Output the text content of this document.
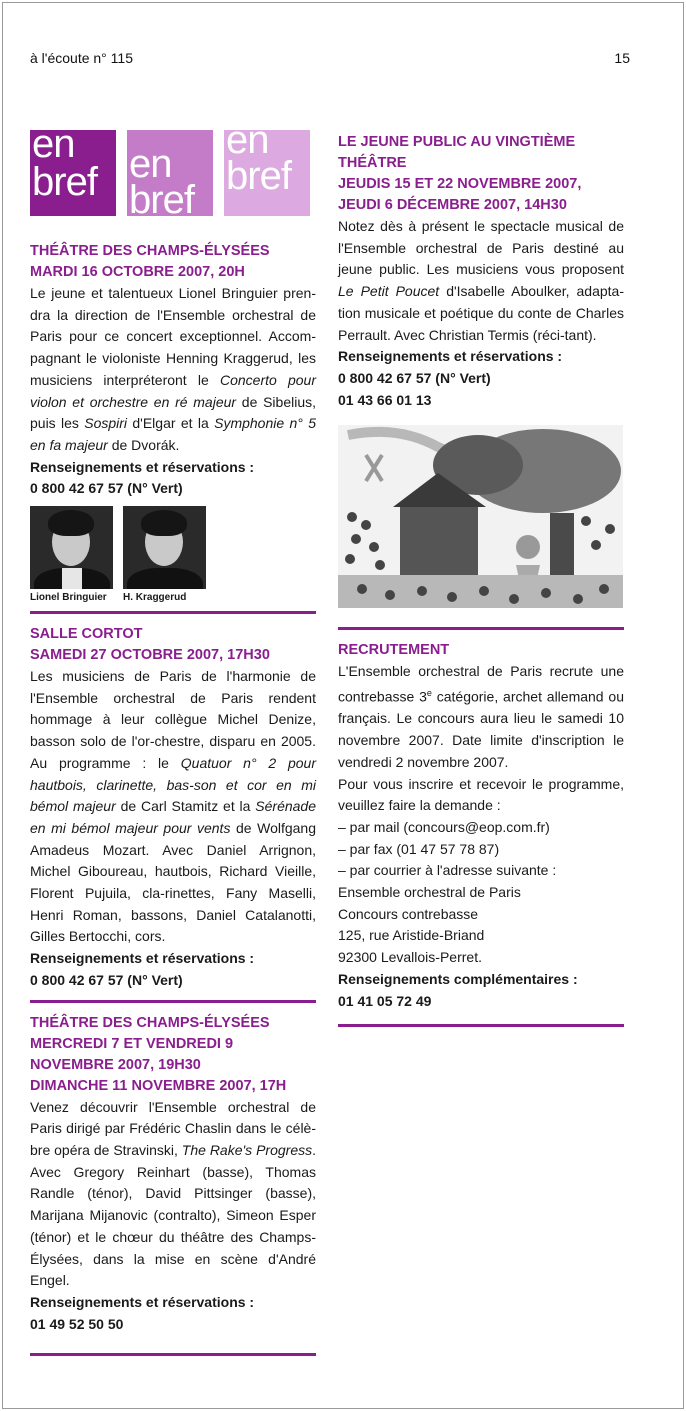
à l'écoute n° 115	15
en
bref en
bref
en
bref
THÉÂTRE DES CHAMPS-ÉLYSÉES
MARDI 16 OCTOBRE 2007, 20H
Le jeune et talentueux Lionel Bringuier pren-dra la direction de l'Ensemble orchestral de Paris pour ce concert exceptionnel. Accom-pagnant le violoniste Henning Kraggerud, les musiciens interpréteront le Concerto pour violon et orchestre en ré majeur de Sibelius, puis les Sospiri d'Elgar et la Symphonie n° 5 en fa majeur de Dvorák.
Renseignements et réservations :
0 800 42 67 57 (N° Vert)
Lionel Bringuier	H. Kraggerud
SALLE CORTOT
SAMEDI 27 OCTOBRE 2007, 17H30
Les musiciens de Paris de l'harmonie de l'Ensemble orchestral de Paris rendent hommage à leur collègue Michel Denize, basson solo de l'or-chestre, disparu en 2005. Au programme : le Quatuor n° 2 pour hautbois, clarinette, bas-son et cor en mi bémol majeur de Carl Stamitz et la Sérénade en mi bémol majeur pour vents de Wolfgang Amadeus Mozart. Avec Daniel Arrignon, Michel Giboureau, hautbois, Richard Vieille, Florent Pujuila, cla-rinettes, Fany Maselli, Henri Roman, bassons, Daniel Catalanotti, Gilles Bertocchi, cors.
Renseignements et réservations :
0 800 42 67 57 (N° Vert)
THÉÂTRE DES CHAMPS-ÉLYSÉES
MERCREDI 7 ET VENDREDI 9 NOVEMBRE 2007, 19H30
DIMANCHE 11 NOVEMBRE 2007, 17H
Venez découvrir l'Ensemble orchestral de Paris dirigé par Frédéric Chaslin dans le célè-bre opéra de Stravinski, The Rake's Progress. Avec Gregory Reinhart (basse), Thomas Randle (ténor), David Pittsinger (basse), Marijana Mijanovic (contralto), Simeon Esper (ténor) et le chœur du théâtre des Champs-Élysées, dans la mise en scène d'André Engel.
Renseignements et réservations :
01 49 52 50 50
LE JEUNE PUBLIC AU VINGTIÈME THÉÂTRE
JEUDIS 15 ET 22 NOVEMBRE 2007, JEUDI 6 DÉCEMBRE 2007, 14H30
Notez dès à présent le spectacle musical de l'Ensemble orchestral de Paris destiné au jeune public. Les musiciens vous proposent Le Petit Poucet d'Isabelle Aboulker, adapta-tion musicale et poétique du conte de Charles Perrault. Avec Christian Termis (réci-tant).
Renseignements et réservations :
0 800 42 67 57 (N° Vert)
01 43 66 01 13
RECRUTEMENT
L'Ensemble orchestral de Paris recrute une contrebasse 3e catégorie, archet allemand ou français. Le concours aura lieu le samedi 10 novembre 2007. Date limite d'inscription le vendredi 2 novembre 2007.
Pour vous inscrire et recevoir le programme, veuillez faire la demande :
– par mail (concours@eop.com.fr)
– par fax (01 47 57 78 87)
– par courrier à l'adresse suivante :
Ensemble orchestral de Paris
Concours contrebasse
125, rue Aristide-Briand
92300 Levallois-Perret.
Renseignements complémentaires :
01 41 05 72 49
